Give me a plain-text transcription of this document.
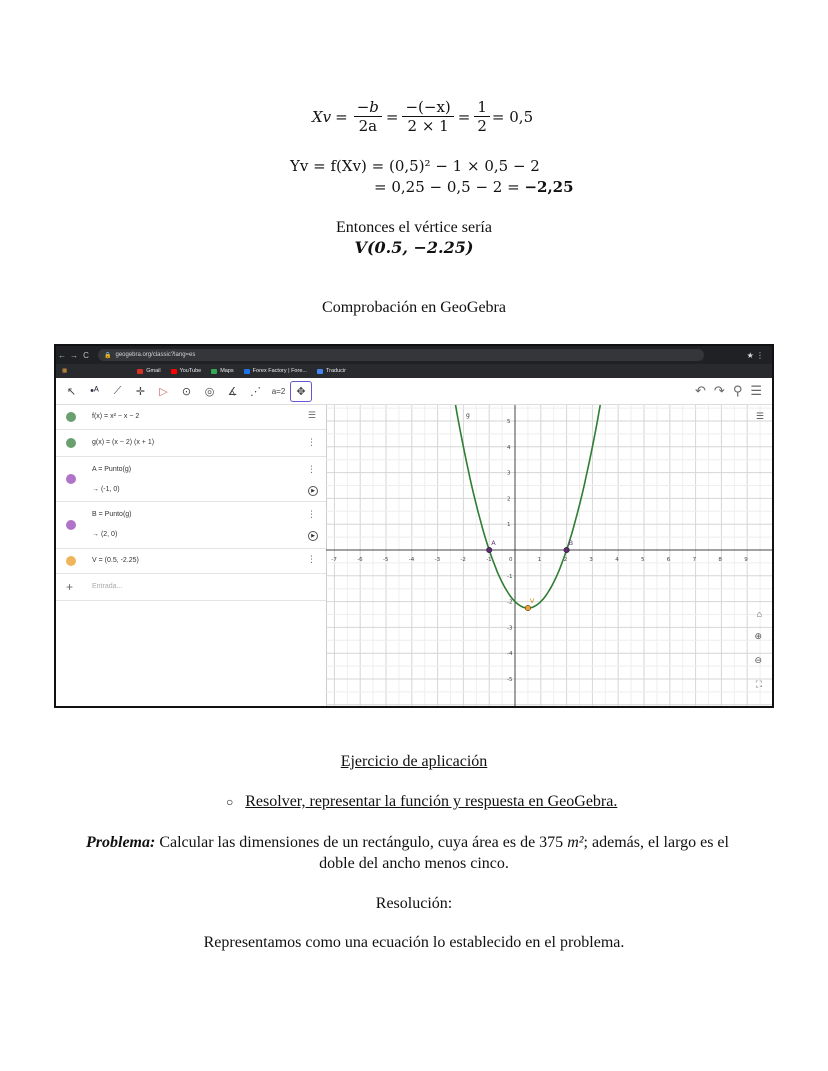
$Xv = \frac{-b}{2a} = \frac{-(-x)}{2 \times 1} = \frac{1}{2} = 0,5$
Yv = f(Xv) = (0,5)² − 1 × 0,5 − 2
= 0,25 − 0,5 − 2 = −2,25
Entonces el vértice sería
V(0.5, −2.25)
Comprobación en GeoGebra
← → C	🔒 geogebra.org/classic?lang=es	★ ⋮
▦	Gmail	YouTube	Maps	Forex Factory | Fore...	Traducir
↖	•ᴬ	⟋	✛	▷	⊙	◎	∡	⋰	a=2	✥	↶ ↷ ⚲ ☰
f(x) = x² − x − 2	☰
g(x) = (x − 2) (x + 1)	⋮
A = Punto(g)
→ (-1, 0)
⋮
▶
B = Punto(g)
→ (2, 0)
⋮
▶
V = (0.5, -2.25)	⋮
+	Entrada...
-7	-6	-5	-4	-3	-2	-1	0	1	2	3	4	5	6	7	8	9
5
4
3
2
1
-1
-2
-3
-4
-5
g
A	B
V
☰
⌂
⊕
⊖
⛶
Ejercicio de aplicación
○ Resolver, representar la función y respuesta en GeoGebra.
Problema: Calcular las dimensiones de un rectángulo, cuya área es de 375 m²; además, el largo es el
doble del ancho menos cinco.
Resolución:
Representamos como una ecuación lo establecido en el problema.
